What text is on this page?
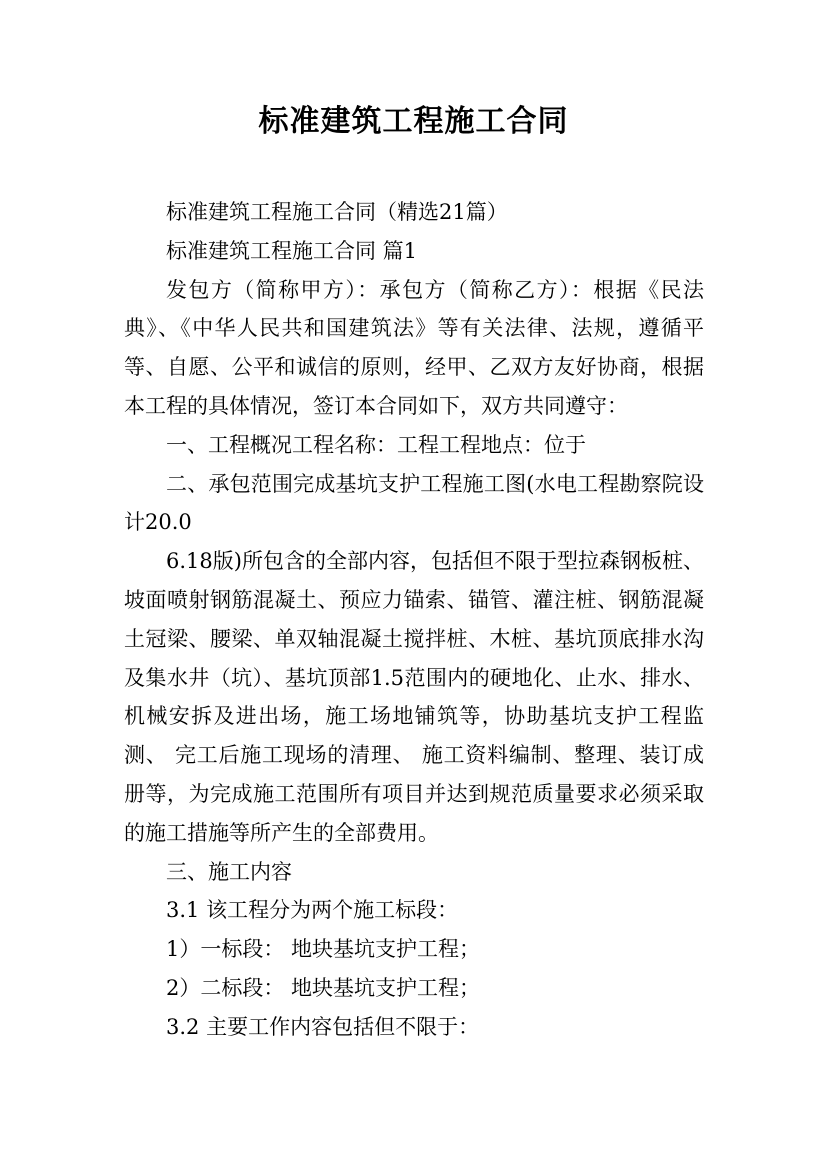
标准建筑工程施工合同

标准建筑工程施工合同（精选21篇）

标准建筑工程施工合同 篇1

发包方（简称甲方）：承包方（简称乙方）：根据《民法典》、《中华人民共和国建筑法》等有关法律、法规，遵循平等、自愿、公平和诚信的原则，经甲、乙双方友好协商，根据本工程的具体情况，签订本合同如下，双方共同遵守：

一、工程概况工程名称：工程工程地点：位于

二、承包范围完成基坑支护工程施工图(水电工程勘察院设计20.0

6.18版)所包含的全部内容，包括但不限于型拉森钢板桩、坡面喷射钢筋混凝土、预应力锚索、锚管、灌注桩、钢筋混凝土冠梁、腰梁、单双轴混凝土搅拌桩、木桩、基坑顶底排水沟及集水井（坑）、基坑顶部1.5范围内的硬地化、止水、排水、机械安拆及进出场，施工场地铺筑等，协助基坑支护工程监测、 完工后施工现场的清理、 施工资料编制、整理、装订成册等，为完成施工范围所有项目并达到规范质量要求必须采取的施工措施等所产生的全部费用。

三、施工内容

3.1 该工程分为两个施工标段：

1）一标段： 地块基坑支护工程；

2）二标段： 地块基坑支护工程；

3.2 主要工作内容包括但不限于：
